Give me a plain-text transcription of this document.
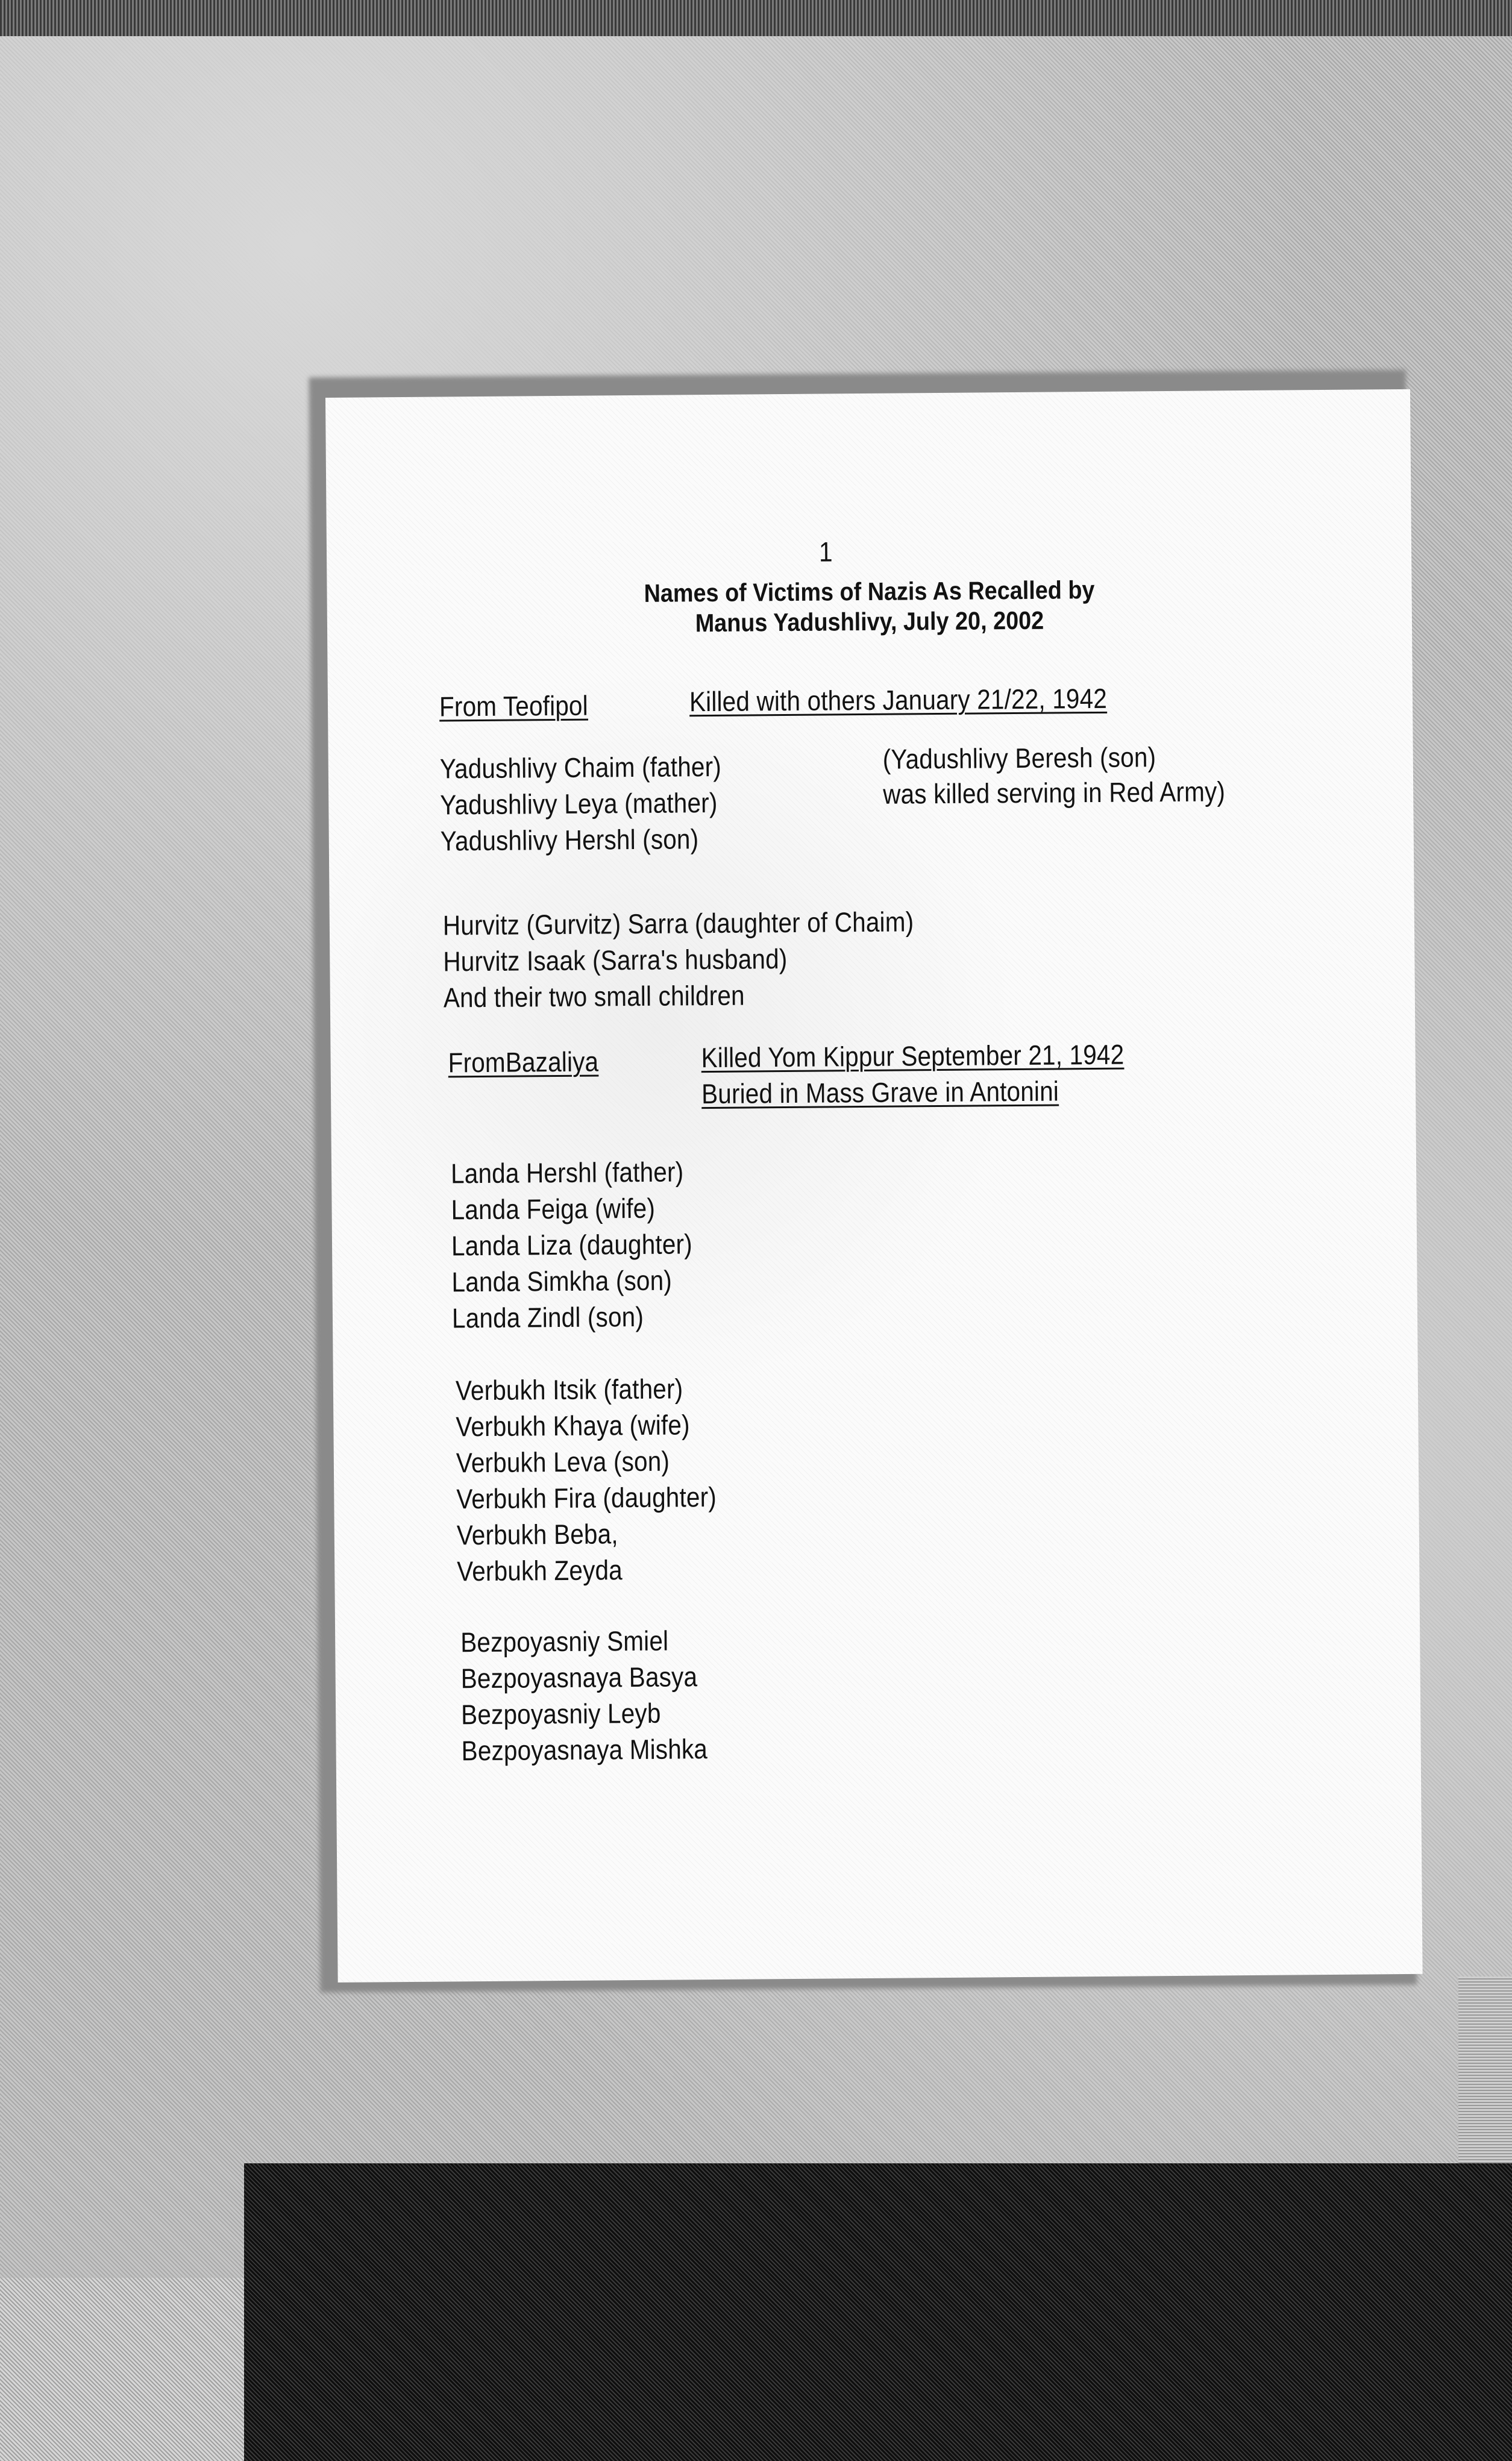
1
Names of Victims of Nazis As Recalled by
Manus Yadushlivy, July 20, 2002
From Teofipol	Killed with others January 21/22, 1942
Yadushlivy Chaim (father)
Yadushlivy Leya (mather)
Yadushlivy Hershl (son)
(Yadushlivy Beresh (son)
was killed serving in Red Army)
Hurvitz (Gurvitz) Sarra (daughter of Chaim)
Hurvitz Isaak (Sarra's husband)
And their two small children
FromBazaliya	Killed Yom Kippur September 21, 1942
Buried in Mass Grave in Antonini
Landa Hershl (father)
Landa Feiga (wife)
Landa Liza (daughter)
Landa Simkha (son)
Landa Zindl (son)
Verbukh Itsik (father)
Verbukh Khaya (wife)
Verbukh Leva (son)
Verbukh Fira (daughter)
Verbukh Beba,
Verbukh Zeyda
Bezpoyasniy Smiel
Bezpoyasnaya Basya
Bezpoyasniy Leyb
Bezpoyasnaya Mishka
